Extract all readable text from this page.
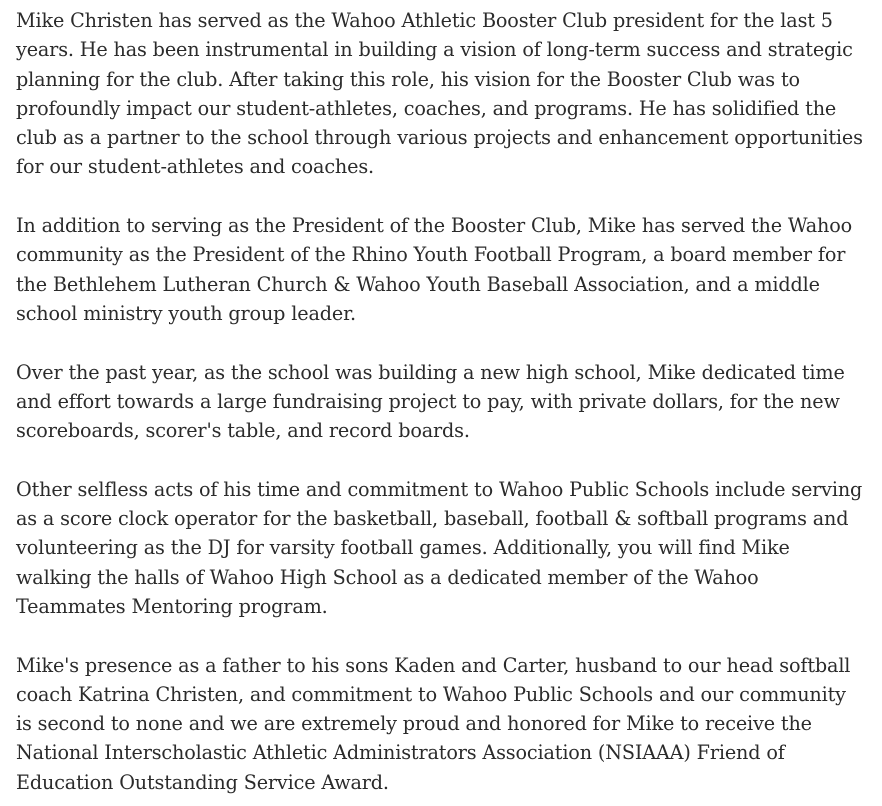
Mike Christen has served as the Wahoo Athletic Booster Club president for the last 5 years. He has been instrumental in building a vision of long-term success and strategic planning for the club. After taking this role, his vision for the Booster Club was to profoundly impact our student-athletes, coaches, and programs. He has solidified the club as a partner to the school through various projects and enhancement opportunities for our student-athletes and coaches.

In addition to serving as the President of the Booster Club, Mike has served the Wahoo community as the President of the Rhino Youth Football Program, a board member for the Bethlehem Lutheran Church & Wahoo Youth Baseball Association, and a middle school ministry youth group leader.

Over the past year, as the school was building a new high school, Mike dedicated time and effort towards a large fundraising project to pay, with private dollars, for the new scoreboards, scorer's table, and record boards.

Other selfless acts of his time and commitment to Wahoo Public Schools include serving as a score clock operator for the basketball, baseball, football & softball programs and volunteering as the DJ for varsity football games. Additionally, you will find Mike walking the halls of Wahoo High School as a dedicated member of the Wahoo Teammates Mentoring program.

Mike's presence as a father to his sons Kaden and Carter, husband to our head softball coach Katrina Christen, and commitment to Wahoo Public Schools and our community is second to none and we are extremely proud and honored for Mike to receive the National Interscholastic Athletic Administrators Association (NSIAAA) Friend of Education Outstanding Service Award.
